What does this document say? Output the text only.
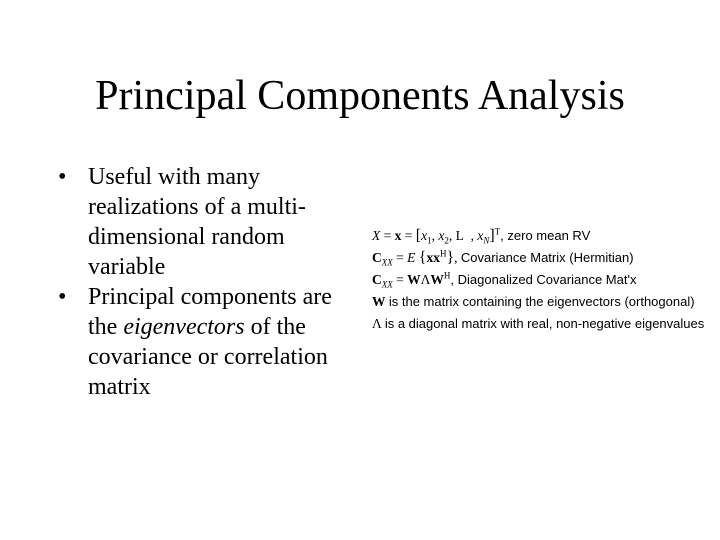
Principal Components Analysis
• Useful with many realizations of a multi-dimensional random variable
• Principal components are the eigenvectors of the covariance or correlation matrix
$X = x = [x_1$, $x_2$, L  , $x_N]^T$, zero mean RV
$C_{XX} = E$ $\{xx^H\}$, Covariance Matrix (Hermitian)
$C_{XX} = W\Lambda W^H$, Diagonalized Covariance Mat'x
W is the matrix containing the eigenvectors (orthogonal)
Λ is a diagonal matrix with real, non-negative eigenvalues
